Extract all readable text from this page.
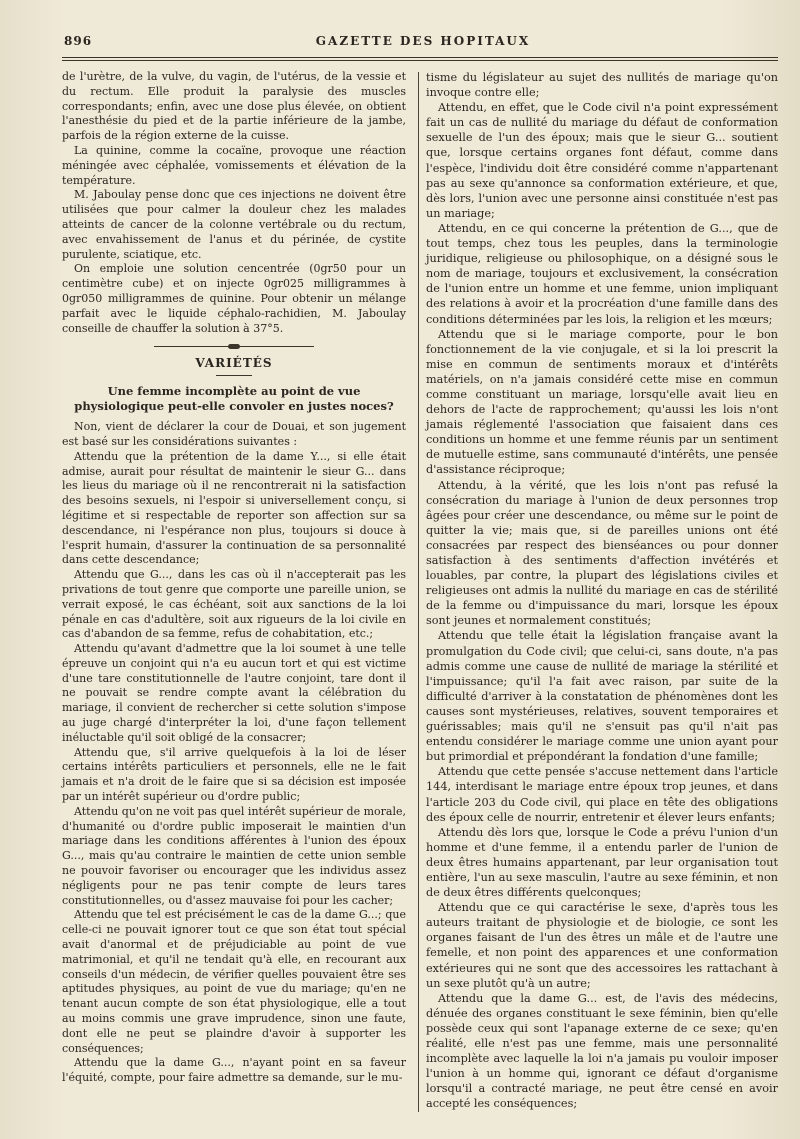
896	GAZETTE DES HOPITAUX

de l'urètre, de la vulve, du vagin, de l'utérus, de la vessie et du rectum. Elle produit la paralysie des muscles correspondants; enfin, avec une dose plus élevée, on obtient l'anesthésie du pied et de la partie inférieure de la jambe, parfois de la région externe de la cuisse.

La quinine, comme la cocaïne, provoque une réaction méningée avec céphalée, vomissements et élévation de la température.

M. Jaboulay pense donc que ces injections ne doivent être utilisées que pour calmer la douleur chez les malades atteints de cancer de la colonne vertébrale ou du rectum, avec envahissement de l'anus et du périnée, de cystite purulente, sciatique, etc.

On emploie une solution cencentrée (0gr50 pour un centimètre cube) et on injecte 0gr025 milligrammes à 0gr050 milligrammes de quinine. Pour obtenir un mélange parfait avec le liquide céphalo-rachidien, M. Jaboulay conseille de chauffer la solution à 37°5.

VARIÉTÉS
Une femme incomplète au point de vue physiologique peut-elle convoler en justes noces?

Non, vient de déclarer la cour de Douai, et son jugement est basé sur les considérations suivantes :

Attendu que la prétention de la dame Y..., si elle était admise, aurait pour résultat de maintenir le sieur G... dans les lieus du mariage où il ne rencontrerait ni la satisfaction des besoins sexuels, ni l'espoir si universellement conçu, si légitime et si respectable de reporter son affection sur sa descendance, ni l'espérance non plus, toujours si douce à l'esprit humain, d'assurer la continuation de sa personnalité dans cette descendance;

Attendu que G..., dans les cas où il n'accepterait pas les privations de tout genre que comporte une pareille union, se verrait exposé, le cas échéant, soit aux sanctions de la loi pénale en cas d'adultère, soit aux rigueurs de la loi civile en cas d'abandon de sa femme, refus de cohabitation, etc.;

Attendu qu'avant d'admettre que la loi soumet à une telle épreuve un conjoint qui n'a eu aucun tort et qui est victime d'une tare constitutionnelle de l'autre conjoint, tare dont il ne pouvait se rendre compte avant la célébration du mariage, il convient de rechercher si cette solution s'impose au juge chargé d'interpréter la loi, d'une façon tellement inéluctable qu'il soit obligé de la consacrer;

Attendu que, s'il arrive quelquefois à la loi de léser certains intérêts particuliers et personnels, elle ne le fait jamais et n'a droit de le faire que si sa décision est imposée par un intérêt supérieur ou d'ordre public;

Attendu qu'on ne voit pas quel intérêt supérieur de morale, d'humanité ou d'ordre public imposerait le maintien d'un mariage dans les conditions afférentes à l'union des époux G..., mais qu'au contraire le maintien de cette union semble ne pouvoir favoriser ou encourager que les individus assez négligents pour ne pas tenir compte de leurs tares constitutionnelles, ou d'assez mauvaise foi pour les cacher;

Attendu que tel est précisément le cas de la dame G...; que celle-ci ne pouvait ignorer tout ce que son état tout spécial avait d'anormal et de préjudiciable au point de vue matrimonial, et qu'il ne tendait qu'à elle, en recourant aux conseils d'un médecin, de vérifier quelles pouvaient être ses aptitudes physiques, au point de vue du mariage; qu'en ne tenant aucun compte de son état physiologique, elle a tout au moins commis une grave imprudence, sinon une faute, dont elle ne peut se plaindre d'avoir à supporter les conséquences;

Attendu que la dame G..., n'ayant point en sa faveur l'équité, compte, pour faire admettre sa demande, sur le mu-

tisme du législateur au sujet des nullités de mariage qu'on invoque contre elle;

Attendu, en effet, que le Code civil n'a point expressément fait un cas de nullité du mariage du défaut de conformation sexuelle de l'un des époux; mais que le sieur G... soutient que, lorsque certains organes font défaut, comme dans l'espèce, l'individu doit être considéré comme n'appartenant pas au sexe qu'annonce sa conformation extérieure, et que, dès lors, l'union avec une personne ainsi constituée n'est pas un mariage;

Attendu, en ce qui concerne la prétention de G..., que de tout temps, chez tous les peuples, dans la terminologie juridique, religieuse ou philosophique, on a désigné sous le nom de mariage, toujours et exclusivement, la consécration de l'union entre un homme et une femme, union impliquant des relations à avoir et la procréation d'une famille dans des conditions déterminées par les lois, la religion et les mœurs;

Attendu que si le mariage comporte, pour le bon fonctionnement de la vie conjugale, et si la loi prescrit la mise en commun de sentiments moraux et d'intérêts matériels, on n'a jamais considéré cette mise en commun comme constituant un mariage, lorsqu'elle avait lieu en dehors de l'acte de rapprochement; qu'aussi les lois n'ont jamais réglementé l'association que faisaient dans ces conditions un homme et une femme réunis par un sentiment de mutuelle estime, sans communauté d'intérêts, une pensée d'assistance réciproque;

Attendu, à la vérité, que les lois n'ont pas refusé la consécration du mariage à l'union de deux personnes trop âgées pour créer une descendance, ou même sur le point de quitter la vie; mais que, si de pareilles unions ont été consacrées par respect des bienséances ou pour donner satisfaction à des sentiments d'affection invétérés et louables, par contre, la plupart des législations civiles et religieuses ont admis la nullité du mariage en cas de stérilité de la femme ou d'impuissance du mari, lorsque les époux sont jeunes et normalement constitués;

Attendu que telle était la législation française avant la promulgation du Code civil; que celui-ci, sans doute, n'a pas admis comme une cause de nullité de mariage la stérilité et l'impuissance; qu'il l'a fait avec raison, par suite de la difficulté d'arriver à la constatation de phénomènes dont les causes sont mystérieuses, relatives, souvent temporaires et guérissables; mais qu'il ne s'ensuit pas qu'il n'ait pas entendu considérer le mariage comme une union ayant pour but primordial et prépondérant la fondation d'une famille;

Attendu que cette pensée s'accuse nettement dans l'article 144, interdisant le mariage entre époux trop jeunes, et dans l'article 203 du Code civil, qui place en tête des obligations des époux celle de nourrir, entretenir et élever leurs enfants;

Attendu dès lors que, lorsque le Code a prévu l'union d'un homme et d'une femme, il a entendu parler de l'union de deux êtres humains appartenant, par leur organisation tout entière, l'un au sexe masculin, l'autre au sexe féminin, et non de deux êtres différents quelconques;

Attendu que ce qui caractérise le sexe, d'après tous les auteurs traitant de physiologie et de biologie, ce sont les organes faisant de l'un des êtres un mâle et de l'autre une femelle, et non point des apparences et une conformation extérieures qui ne sont que des accessoires les rattachant à un sexe plutôt qu'à un autre;

Attendu que la dame G... est, de l'avis des médecins, dénuée des organes constituant le sexe féminin, bien qu'elle possède ceux qui sont l'apanage externe de ce sexe; qu'en réalité, elle n'est pas une femme, mais une personnalité incomplète avec laquelle la loi n'a jamais pu vouloir imposer l'union à un homme qui, ignorant ce défaut d'organisme lorsqu'il a contracté mariage, ne peut être censé en avoir accepté les conséquences;
